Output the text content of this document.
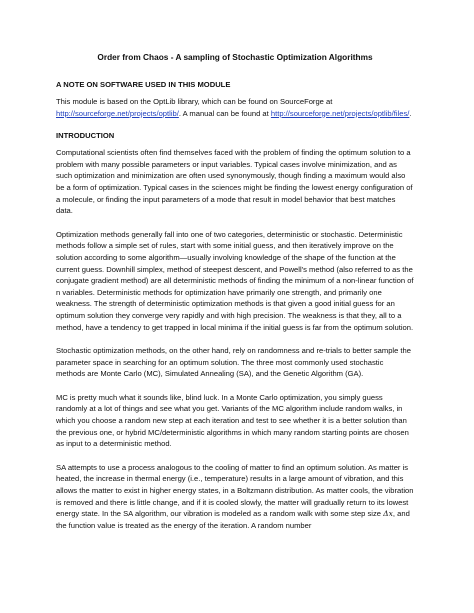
Order from Chaos - A sampling of Stochastic Optimization Algorithms
A NOTE ON SOFTWARE USED IN THIS MODULE

This module is based on the OptLib library, which can be found on SourceForge at http://sourceforge.net/projects/optlib/. A manual can be found at http://sourceforge.net/projects/optlib/files/.

INTRODUCTION

Computational scientists often find themselves faced with the problem of finding the optimum solution to a problem with many possible parameters or input variables. Typical cases involve minimization, and as such optimization and minimization are often used synonymously, though finding a maximum would also be a form of optimization. Typical cases in the sciences might be finding the lowest energy configuration of a molecule, or finding the input parameters of a mode that result in model behavior that best matches data.

Optimization methods generally fall into one of two categories, deterministic or stochastic. Deterministic methods follow a simple set of rules, start with some initial guess, and then iteratively improve on the solution according to some algorithm—usually involving knowledge of the shape of the function at the current guess. Downhill simplex, method of steepest descent, and Powell's method (also referred to as the conjugate gradient method) are all deterministic methods of finding the minimum of a non-linear function of n variables. Deterministic methods for optimization have primarily one strength, and primarily one weakness. The strength of deterministic optimization methods is that given a good initial guess for an optimum solution they converge very rapidly and with high precision. The weakness is that they, all to a method, have a tendency to get trapped in local minima if the initial guess is far from the optimum solution.

Stochastic optimization methods, on the other hand, rely on randomness and re-trials to better sample the parameter space in searching for an optimum solution. The three most commonly used stochastic methods are Monte Carlo (MC), Simulated Annealing (SA), and the Genetic Algorithm (GA).

MC is pretty much what it sounds like, blind luck. In a Monte Carlo optimization, you simply guess randomly at a lot of things and see what you get. Variants of the MC algorithm include random walks, in which you choose a random new step at each iteration and test to see whether it is a better solution than the previous one, or hybrid MC/deterministic algorithms in which many random starting points are chosen as input to a deterministic method.

SA attempts to use a process analogous to the cooling of matter to find an optimum solution. As matter is heated, the increase in thermal energy (i.e., temperature) results in a large amount of vibration, and this allows the matter to exist in higher energy states, in a Boltzmann distribution. As matter cools, the vibration is removed and there is little change, and if it is cooled slowly, the matter will gradually return to its lowest energy state. In the SA algorithm, our vibration is modeled as a random walk with some step size Δx, and the function value is treated as the energy of the iteration. A random number
